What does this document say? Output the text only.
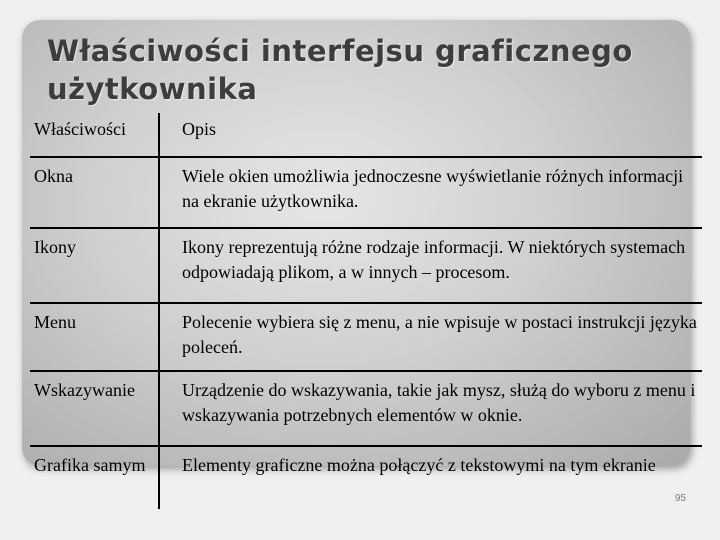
Właściwości interfejsu graficznego użytkownika
Właściwości	Opis
Okna	Wiele okien umożliwia jednoczesne wyświetlanie różnych informacji na ekranie użytkownika.
Ikony	Ikony reprezentują różne rodzaje informacji. W niektórych systemach odpowiadają plikom, a w innych – procesom.
Menu	Polecenie wybiera się z menu, a nie wpisuje w postaci instrukcji języka poleceń.
Wskazywanie	Urządzenie do wskazywania, takie jak mysz, służą do wyboru z menu i wskazywania potrzebnych elementów w oknie.
Grafika samym	Elementy graficzne można połączyć z tekstowymi na tym ekranie
95
